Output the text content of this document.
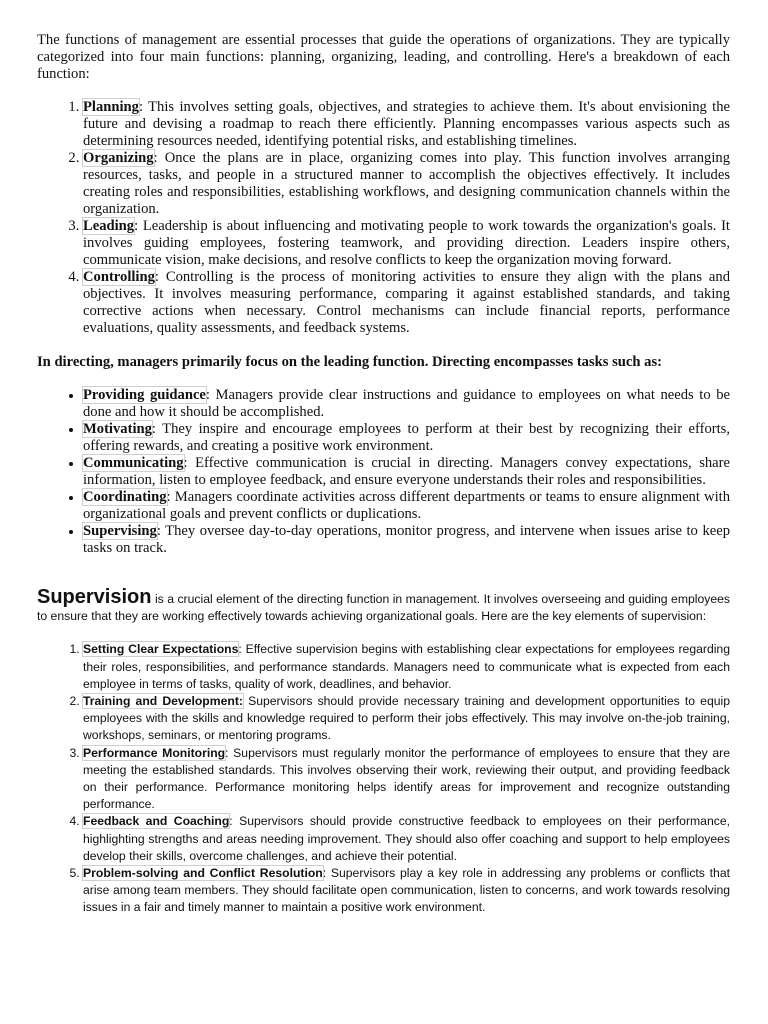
The functions of management are essential processes that guide the operations of organizations. They are typically categorized into four main functions: planning, organizing, leading, and controlling. Here's a breakdown of each function:

1. Planning: This involves setting goals, objectives, and strategies to achieve them. It's about envisioning the future and devising a roadmap to reach there efficiently. Planning encompasses various aspects such as determining resources needed, identifying potential risks, and establishing timelines.
2. Organizing: Once the plans are in place, organizing comes into play. This function involves arranging resources, tasks, and people in a structured manner to accomplish the objectives effectively. It includes creating roles and responsibilities, establishing workflows, and designing communication channels within the organization.
3. Leading: Leadership is about influencing and motivating people to work towards the organization's goals. It involves guiding employees, fostering teamwork, and providing direction. Leaders inspire others, communicate vision, make decisions, and resolve conflicts to keep the organization moving forward.
4. Controlling: Controlling is the process of monitoring activities to ensure they align with the plans and objectives. It involves measuring performance, comparing it against established standards, and taking corrective actions when necessary. Control mechanisms can include financial reports, performance evaluations, quality assessments, and feedback systems.

In directing, managers primarily focus on the leading function. Directing encompasses tasks such as:

• Providing guidance: Managers provide clear instructions and guidance to employees on what needs to be done and how it should be accomplished.
• Motivating: They inspire and encourage employees to perform at their best by recognizing their efforts, offering rewards, and creating a positive work environment.
• Communicating: Effective communication is crucial in directing. Managers convey expectations, share information, listen to employee feedback, and ensure everyone understands their roles and responsibilities.
• Coordinating: Managers coordinate activities across different departments or teams to ensure alignment with organizational goals and prevent conflicts or duplications.
• Supervising: They oversee day-to-day operations, monitor progress, and intervene when issues arise to keep tasks on track.

Supervision is a crucial element of the directing function in management. It involves overseeing and guiding employees to ensure that they are working effectively towards achieving organizational goals. Here are the key elements of supervision:

1. Setting Clear Expectations: Effective supervision begins with establishing clear expectations for employees regarding their roles, responsibilities, and performance standards. Managers need to communicate what is expected from each employee in terms of tasks, quality of work, deadlines, and behavior.
2. Training and Development: Supervisors should provide necessary training and development opportunities to equip employees with the skills and knowledge required to perform their jobs effectively. This may involve on-the-job training, workshops, seminars, or mentoring programs.
3. Performance Monitoring: Supervisors must regularly monitor the performance of employees to ensure that they are meeting the established standards. This involves observing their work, reviewing their output, and providing feedback on their performance. Performance monitoring helps identify areas for improvement and recognize outstanding performance.
4. Feedback and Coaching: Supervisors should provide constructive feedback to employees on their performance, highlighting strengths and areas needing improvement. They should also offer coaching and support to help employees develop their skills, overcome challenges, and achieve their potential.
5. Problem-solving and Conflict Resolution: Supervisors play a key role in addressing any problems or conflicts that arise among team members. They should facilitate open communication, listen to concerns, and work towards resolving issues in a fair and timely manner to maintain a positive work environment.
